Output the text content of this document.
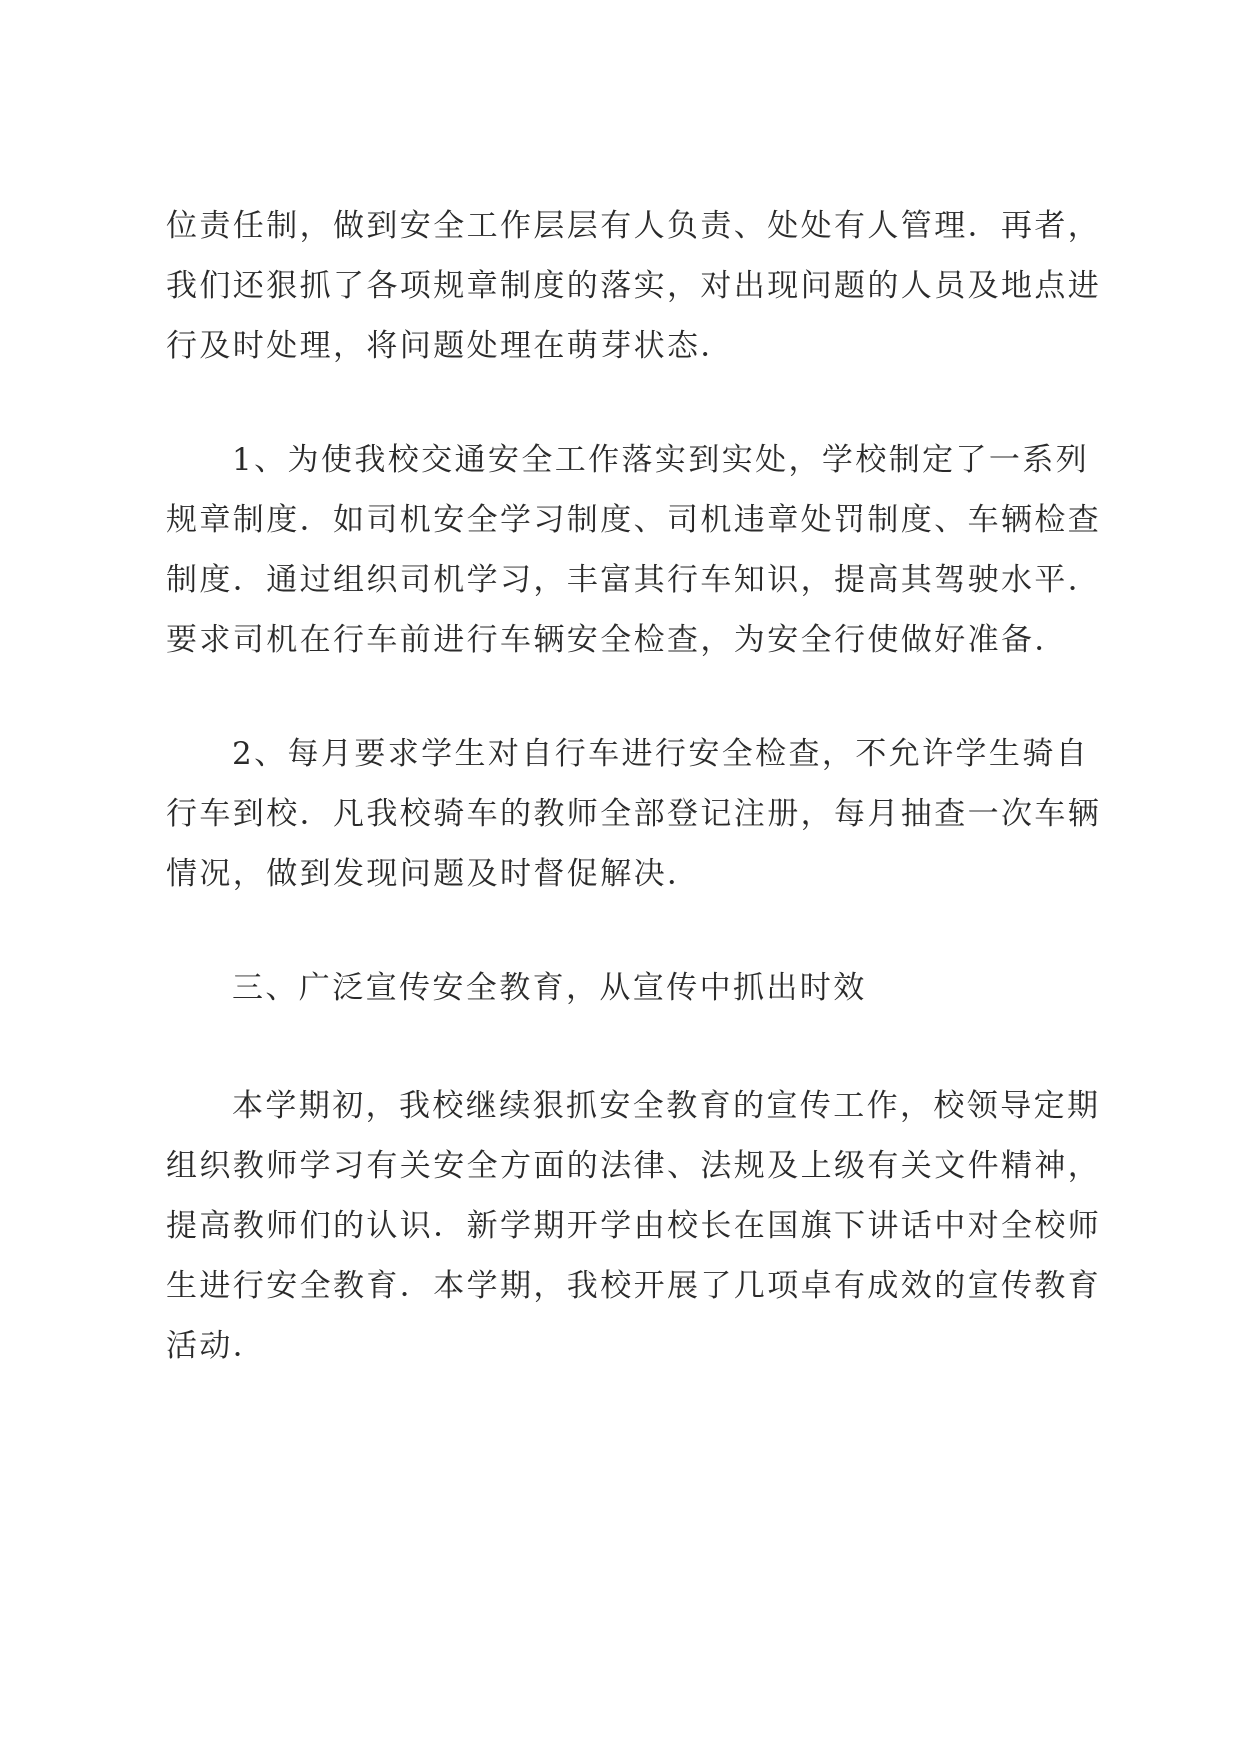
位责任制，做到安全工作层层有人负责、处处有人管理．再者，
我们还狠抓了各项规章制度的落实，对出现问题的人员及地点进
行及时处理，将问题处理在萌芽状态．
1、为使我校交通安全工作落实到实处，学校制定了一系列
规章制度．如司机安全学习制度、司机违章处罚制度、车辆检查
制度．通过组织司机学习，丰富其行车知识，提高其驾驶水平．
要求司机在行车前进行车辆安全检查，为安全行使做好准备．
2、每月要求学生对自行车进行安全检查，不允许学生骑自
行车到校．凡我校骑车的教师全部登记注册，每月抽查一次车辆
情况，做到发现问题及时督促解决．
三、广泛宣传安全教育，从宣传中抓出时效
本学期初，我校继续狠抓安全教育的宣传工作，校领导定期
组织教师学习有关安全方面的法律、法规及上级有关文件精神，
提高教师们的认识．新学期开学由校长在国旗下讲话中对全校师
生进行安全教育．本学期，我校开展了几项卓有成效的宣传教育
活动．
